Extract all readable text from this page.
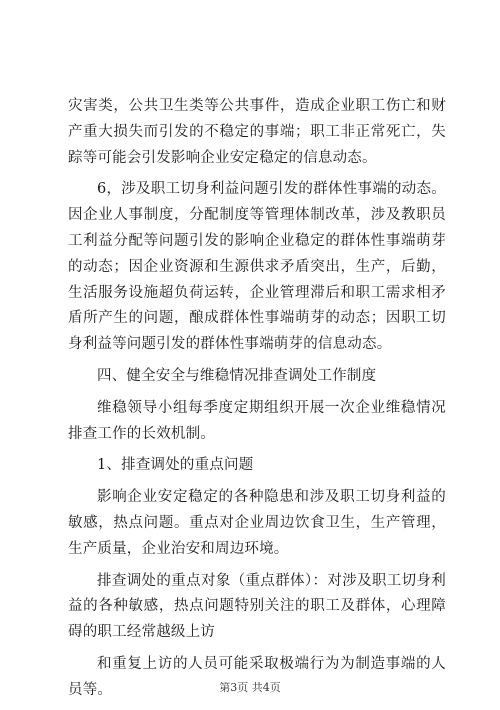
灾害类，公共卫生类等公共事件，造成企业职工伤亡和财产重大损失而引发的不稳定的事端；职工非正常死亡，失踪等可能会引发影响企业安定稳定的信息动态。

6，涉及职工切身利益问题引发的群体性事端的动态。因企业人事制度，分配制度等管理体制改革，涉及教职员工利益分配等问题引发的影响企业稳定的群体性事端萌芽的动态；因企业资源和生源供求矛盾突出，生产，后勤，生活服务设施超负荷运转，企业管理滞后和职工需求相矛盾所产生的问题，酿成群体性事端萌芽的动态；因职工切身利益等问题引发的群体性事端萌芽的信息动态。

四、健全安全与维稳情况排查调处工作制度

维稳领导小组每季度定期组织开展一次企业维稳情况排查工作的长效机制。

1、排查调处的重点问题

影响企业安定稳定的各种隐患和涉及职工切身利益的敏感，热点问题。重点对企业周边饮食卫生，生产管理，生产质量，企业治安和周边环境。

排查调处的重点对象（重点群体）：对涉及职工切身利益的各种敏感，热点问题特别关注的职工及群体，心理障碍的职工经常越级上访

和重复上访的人员可能采取极端行为为制造事端的人员等。	第3页 共4页
